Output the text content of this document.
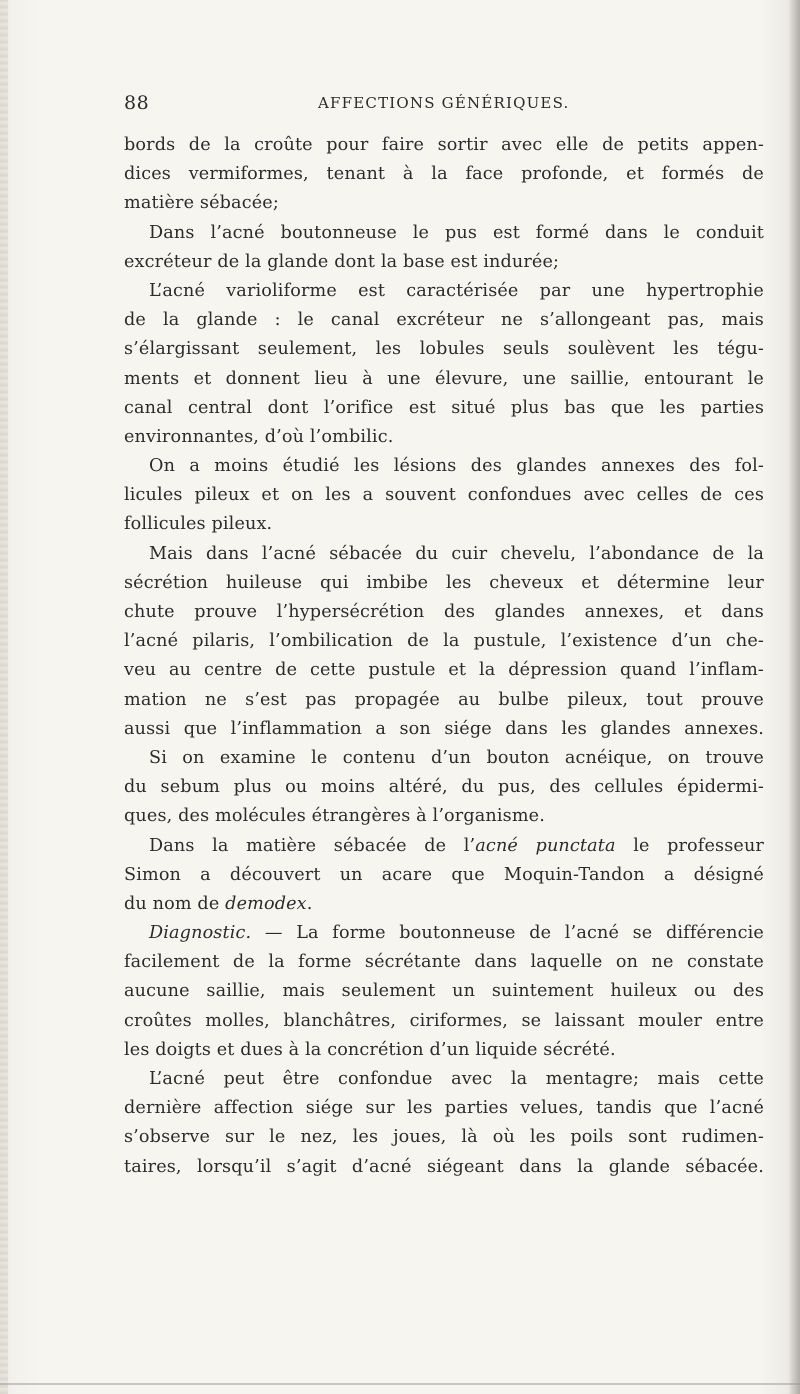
88	AFFECTIONS GÉNÉRIQUES.
bords de la croûte pour faire sortir avec elle de petits appen-
dices vermiformes, tenant à la face profonde, et formés de
matière sébacée;
Dans l’acné boutonneuse le pus est formé dans le conduit
excréteur de la glande dont la base est indurée;
L’acné varioliforme est caractérisée par une hypertrophie
de la glande : le canal excréteur ne s’allongeant pas, mais
s’élargissant seulement, les lobules seuls soulèvent les tégu-
ments et donnent lieu à une élevure, une saillie, entourant le
canal central dont l’orifice est situé plus bas que les parties
environnantes, d’où l’ombilic.
On a moins étudié les lésions des glandes annexes des fol-
licules pileux et on les a souvent confondues avec celles de ces
follicules pileux.
Mais dans l’acné sébacée du cuir chevelu, l’abondance de la
sécrétion huileuse qui imbibe les cheveux et détermine leur
chute prouve l’hypersécrétion des glandes annexes, et dans
l’acné pilaris, l’ombilication de la pustule, l’existence d’un che-
veu au centre de cette pustule et la dépression quand l’inflam-
mation ne s’est pas propagée au bulbe pileux, tout prouve
aussi que l’inflammation a son siége dans les glandes annexes.
Si on examine le contenu d’un bouton acnéique, on trouve
du sebum plus ou moins altéré, du pus, des cellules épidermi-
ques, des molécules étrangères à l’organisme.
Dans la matière sébacée de l’acné punctata le professeur
Simon a découvert un acare que Moquin-Tandon a désigné
du nom de demodex.
Diagnostic. — La forme boutonneuse de l’acné se différencie
facilement de la forme sécrétante dans laquelle on ne constate
aucune saillie, mais seulement un suintement huileux ou des
croûtes molles, blanchâtres, ciriformes, se laissant mouler entre
les doigts et dues à la concrétion d’un liquide sécrété.
L’acné peut être confondue avec la mentagre; mais cette
dernière affection siége sur les parties velues, tandis que l’acné
s’observe sur le nez, les joues, là où les poils sont rudimen-
taires, lorsqu’il s’agit d’acné siégeant dans la glande sébacée.
